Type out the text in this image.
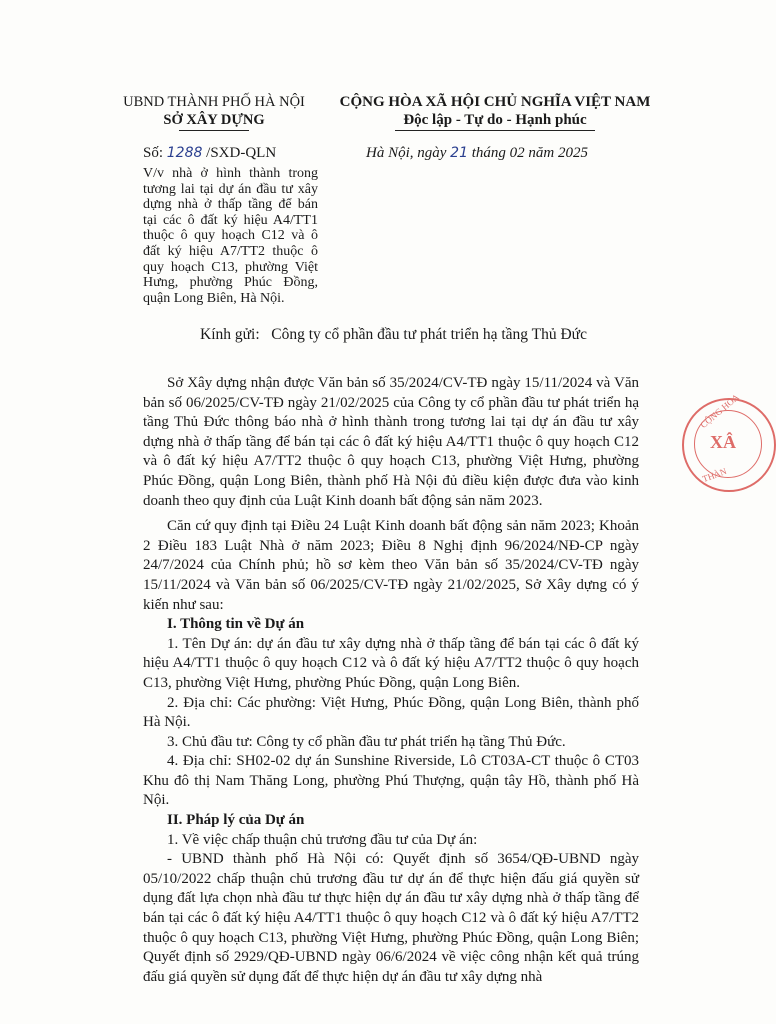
UBND THÀNH PHỐ HÀ NỘI
SỞ XÂY DỰNG
CỘNG HÒA XÃ HỘI CHỦ NGHĨA VIỆT NAM
Độc lập - Tự do - Hạnh phúc
Số: 1288 /SXD-QLN	Hà Nội, ngày 21 tháng 02 năm 2025
V/v nhà ở hình thành trong tương lai tại dự án đầu tư xây dựng nhà ở thấp tầng để bán tại các ô đất ký hiệu A4/TT1 thuộc ô quy hoạch C12 và ô đất ký hiệu A7/TT2 thuộc ô quy hoạch C13, phường Việt Hưng, phường Phúc Đồng, quận Long Biên, Hà Nội.
Kính gửi: Công ty cổ phần đầu tư phát triển hạ tầng Thủ Đức

Sở Xây dựng nhận được Văn bản số 35/2024/CV-TĐ ngày 15/11/2024 và Văn bản số 06/2025/CV-TĐ ngày 21/02/2025 của Công ty cổ phần đầu tư phát triển hạ tầng Thủ Đức thông báo nhà ở hình thành trong tương lai tại dự án đầu tư xây dựng nhà ở thấp tầng để bán tại các ô đất ký hiệu A4/TT1 thuộc ô quy hoạch C12 và ô đất ký hiệu A7/TT2 thuộc ô quy hoạch C13, phường Việt Hưng, phường Phúc Đồng, quận Long Biên, thành phố Hà Nội đủ điều kiện được đưa vào kinh doanh theo quy định của Luật Kinh doanh bất động sản năm 2023.

Căn cứ quy định tại Điều 24 Luật Kinh doanh bất động sản năm 2023; Khoản 2 Điều 183 Luật Nhà ở năm 2023; Điều 8 Nghị định 96/2024/NĐ-CP ngày 24/7/2024 của Chính phủ; hồ sơ kèm theo Văn bản số 35/2024/CV-TĐ ngày 15/11/2024 và Văn bản số 06/2025/CV-TĐ ngày 21/02/2025, Sở Xây dựng có ý kiến như sau:

I. Thông tin về Dự án

1. Tên Dự án: dự án đầu tư xây dựng nhà ở thấp tầng để bán tại các ô đất ký hiệu A4/TT1 thuộc ô quy hoạch C12 và ô đất ký hiệu A7/TT2 thuộc ô quy hoạch C13, phường Việt Hưng, phường Phúc Đồng, quận Long Biên.

2. Địa chỉ: Các phường: Việt Hưng, Phúc Đồng, quận Long Biên, thành phố Hà Nội.

3. Chủ đầu tư: Công ty cổ phần đầu tư phát triển hạ tầng Thủ Đức.

4. Địa chỉ: SH02-02 dự án Sunshine Riverside, Lô CT03A-CT thuộc ô CT03 Khu đô thị Nam Thăng Long, phường Phú Thượng, quận tây Hồ, thành phố Hà Nội.

II. Pháp lý của Dự án

1. Về việc chấp thuận chủ trương đầu tư của Dự án:

- UBND thành phố Hà Nội có: Quyết định số 3654/QĐ-UBND ngày 05/10/2022 chấp thuận chủ trương đầu tư dự án để thực hiện đấu giá quyền sử dụng đất lựa chọn nhà đầu tư thực hiện dự án đầu tư xây dựng nhà ở thấp tầng để bán tại các ô đất ký hiệu A4/TT1 thuộc ô quy hoạch C12 và ô đất ký hiệu A7/TT2 thuộc ô quy hoạch C13, phường Việt Hưng, phường Phúc Đồng, quận Long Biên; Quyết định số 2929/QĐ-UBND ngày 06/6/2024 về việc công nhận kết quả trúng đấu giá quyền sử dụng đất để thực hiện dự án đầu tư xây dựng nhà

CỘNG HÒA
XÂ
THÀN
